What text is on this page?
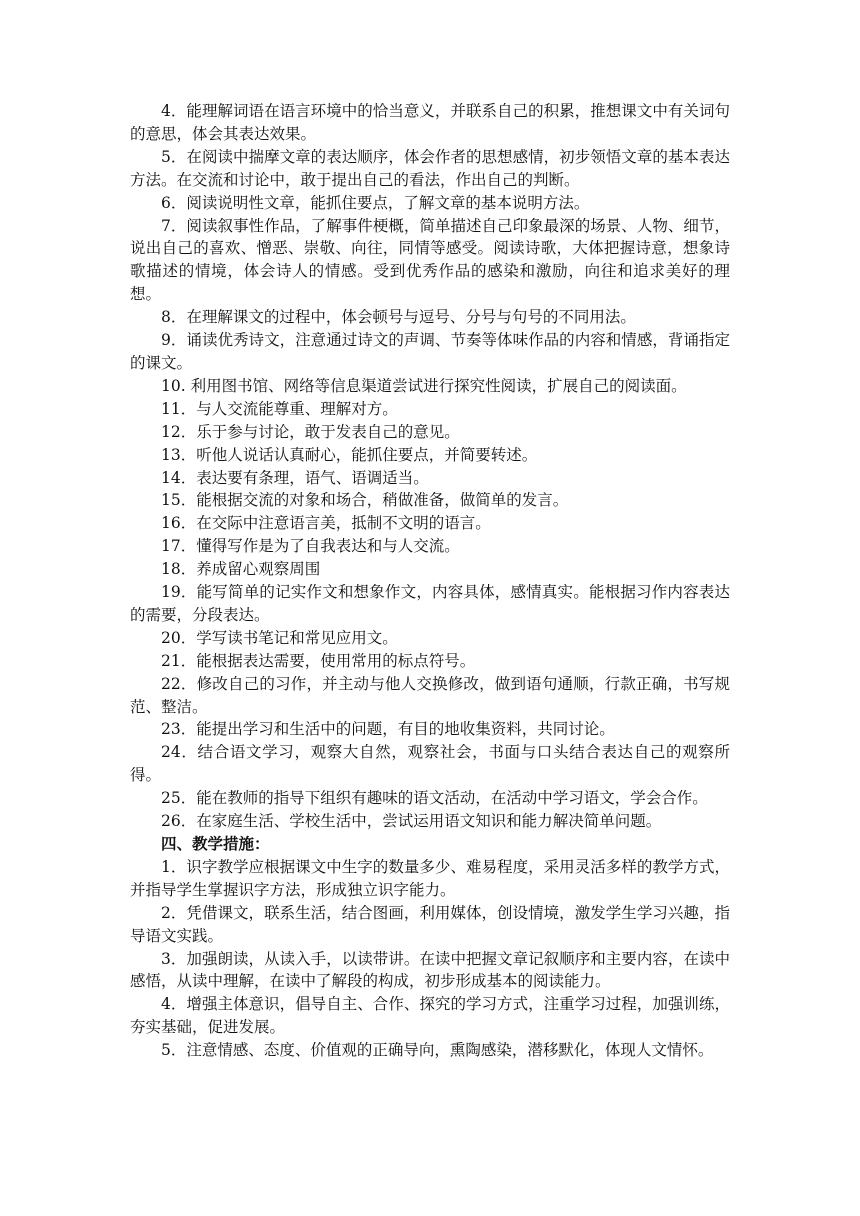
4．能理解词语在语言环境中的恰当意义，并联系自己的积累，推想课文中有关词句的意思，体会其表达效果。

5．在阅读中揣摩文章的表达顺序，体会作者的思想感情，初步领悟文章的基本表达方法。在交流和讨论中，敢于提出自己的看法，作出自己的判断。

6．阅读说明性文章，能抓住要点，了解文章的基本说明方法。

7．阅读叙事性作品，了解事件梗概，简单描述自己印象最深的场景、人物、细节，说出自己的喜欢、憎恶、崇敬、向往，同情等感受。阅读诗歌，大体把握诗意，想象诗歌描述的情境，体会诗人的情感。受到优秀作品的感染和激励，向往和追求美好的理想。

8．在理解课文的过程中，体会顿号与逗号、分号与句号的不同用法。

9．诵读优秀诗文，注意通过诗文的声调、节奏等体味作品的内容和情感，背诵指定的课文。

10. 利用图书馆、网络等信息渠道尝试进行探究性阅读，扩展自己的阅读面。

11．与人交流能尊重、理解对方。

12．乐于参与讨论，敢于发表自己的意见。

13．听他人说话认真耐心，能抓住要点，并简要转述。

14．表达要有条理，语气、语调适当。

15．能根据交流的对象和场合，稍做准备，做简单的发言。

16．在交际中注意语言美，抵制不文明的语言。

17．懂得写作是为了自我表达和与人交流。

18．养成留心观察周围

19．能写简单的记实作文和想象作文，内容具体，感情真实。能根据习作内容表达的需要，分段表达。

20．学写读书笔记和常见应用文。

21．能根据表达需要，使用常用的标点符号。

22．修改自己的习作，并主动与他人交换修改，做到语句通顺，行款正确，书写规范、整洁。

23．能提出学习和生活中的问题，有目的地收集资料，共同讨论。

24．结合语文学习，观察大自然，观察社会，书面与口头结合表达自己的观察所得。

25．能在教师的指导下组织有趣味的语文活动，在活动中学习语文，学会合作。

26．在家庭生活、学校生活中，尝试运用语文知识和能力解决简单问题。

四、教学措施：

1．识字教学应根据课文中生字的数量多少、难易程度，采用灵活多样的教学方式，并指导学生掌握识字方法，形成独立识字能力。

2．凭借课文，联系生活，结合图画，利用媒体，创设情境，激发学生学习兴趣，指导语文实践。

3．加强朗读，从读入手，以读带讲。在读中把握文章记叙顺序和主要内容，在读中感悟，从读中理解，在读中了解段的构成，初步形成基本的阅读能力。

4．增强主体意识，倡导自主、合作、探究的学习方式，注重学习过程，加强训练，夯实基础，促进发展。

5．注意情感、态度、价值观的正确导向，熏陶感染，潜移默化，体现人文情怀。
